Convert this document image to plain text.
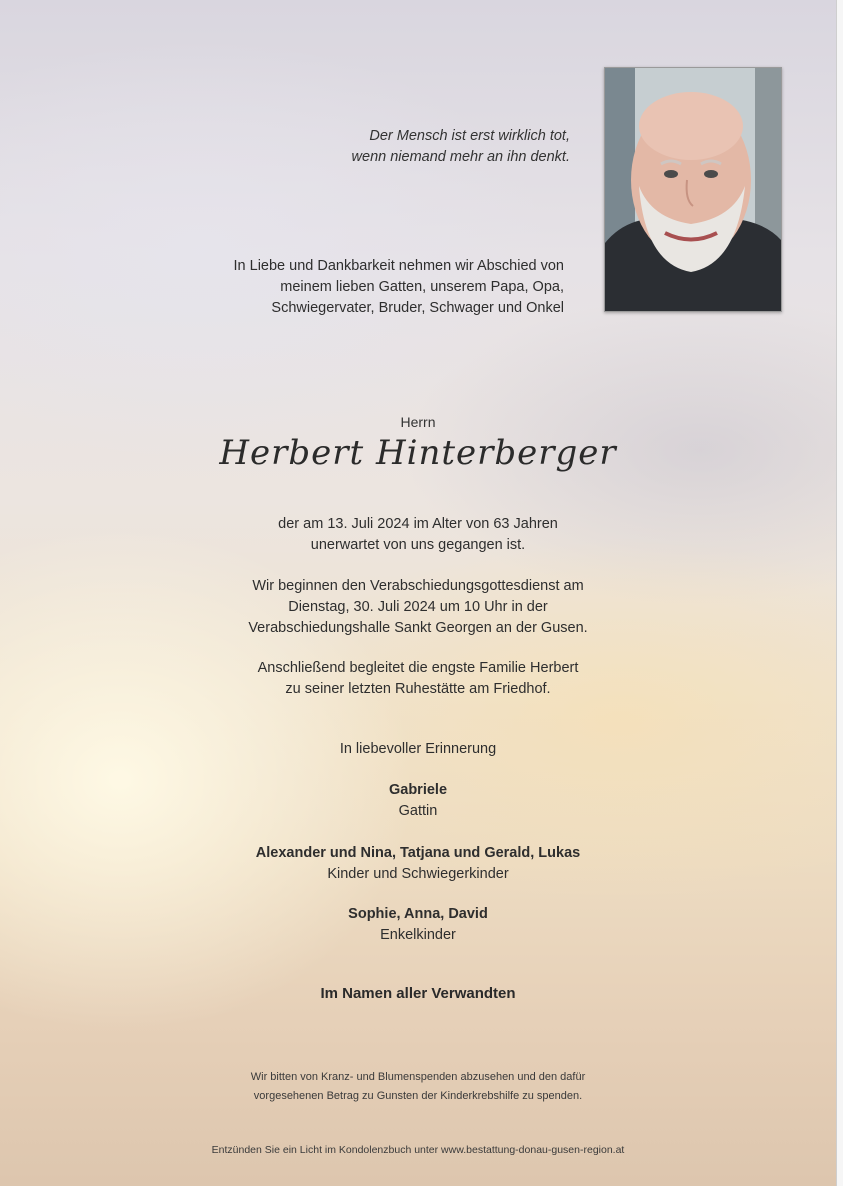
Der Mensch ist erst wirklich tot,
wenn niemand mehr an ihn denkt.
In Liebe und Dankbarkeit nehmen wir Abschied von
meinem lieben Gatten, unserem Papa, Opa,
Schwiegervater, Bruder, Schwager und Onkel
Herrn
Herbert Hinterberger
der am 13. Juli 2024 im Alter von 63 Jahren
unerwartet von uns gegangen ist.
Wir beginnen den Verabschiedungsgottesdienst am
Dienstag, 30. Juli 2024 um 10 Uhr in der
Verabschiedungshalle Sankt Georgen an der Gusen.
Anschließend begleitet die engste Familie Herbert
zu seiner letzten Ruhestätte am Friedhof.
In liebevoller Erinnerung
Gabriele
Gattin
Alexander und Nina, Tatjana und Gerald, Lukas
Kinder und Schwiegerkinder
Sophie, Anna, David
Enkelkinder
Im Namen aller Verwandten
Wir bitten von Kranz- und Blumenspenden abzusehen und den dafür
vorgesehenen Betrag zu Gunsten der Kinderkrebshilfe zu spenden.
Entzünden Sie ein Licht im Kondolenzbuch unter www.bestattung-donau-gusen-region.at
